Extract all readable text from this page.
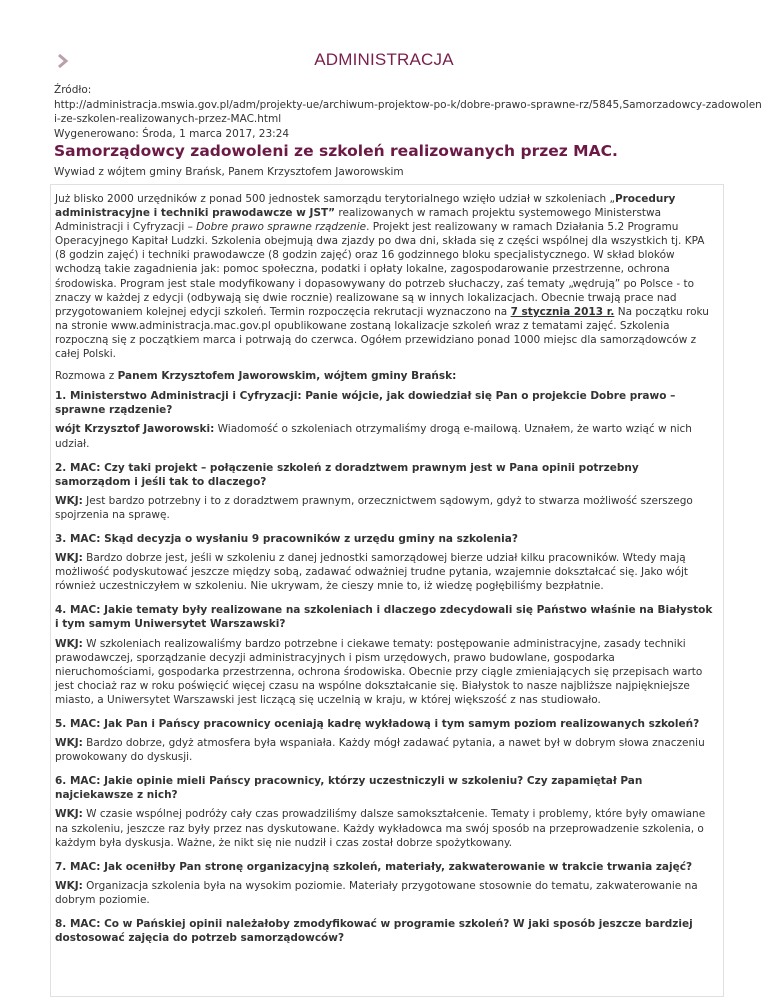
ADMINISTRACJA
Źródło:
http://administracja.mswia.gov.pl/adm/projekty-ue/archiwum-projektow-po-k/dobre-prawo-sprawne-rz/5845,Samorzadowcy-zadowolen
i-ze-szkolen-realizowanych-przez-MAC.html
Wygenerowano: Środa, 1 marca 2017, 23:24
Samorządowcy zadowoleni ze szkoleń realizowanych przez MAC.
Wywiad z wójtem gminy Brańsk, Panem Krzysztofem Jaworowskim

Już blisko 2000 urzędników z ponad 500 jednostek samorządu terytorialnego wzięło udział w szkoleniach „Procedury administracyjne i techniki prawodawcze w JST” realizowanych w ramach projektu systemowego Ministerstwa Administracji i Cyfryzacji – Dobre prawo sprawne rządzenie. Projekt jest realizowany w ramach Działania 5.2 Programu Operacyjnego Kapitał Ludzki. Szkolenia obejmują dwa zjazdy po dwa dni, składa się z części wspólnej dla wszystkich tj. KPA (8 godzin zajęć) i techniki prawodawcze (8 godzin zajęć) oraz 16 godzinnego bloku specjalistycznego. W skład bloków wchodzą takie zagadnienia jak: pomoc społeczna, podatki i opłaty lokalne, zagospodarowanie przestrzenne, ochrona środowiska. Program jest stale modyfikowany i dopasowywany do potrzeb słuchaczy, zaś tematy „wędrują” po Polsce - to znaczy w każdej z edycji (odbywają się dwie rocznie) realizowane są w innych lokalizacjach. Obecnie trwają prace nad przygotowaniem kolejnej edycji szkoleń. Termin rozpoczęcia rekrutacji wyznaczono na 7 stycznia 2013 r. Na początku roku na stronie www.administracja.mac.gov.pl opublikowane zostaną lokalizacje szkoleń wraz z tematami zajęć. Szkolenia rozpoczną się z początkiem marca i potrwają do czerwca. Ogółem przewidziano ponad 1000 miejsc dla samorządowców z całej Polski.

Rozmowa z Panem Krzysztofem Jaworowskim, wójtem gminy Brańsk:

1. Ministerstwo Administracji i Cyfryzacji: Panie wójcie, jak dowiedział się Pan o projekcie Dobre prawo – sprawne rządzenie?

wójt Krzysztof Jaworowski: Wiadomość o szkoleniach otrzymaliśmy drogą e-mailową. Uznałem, że warto wziąć w nich udział.

2. MAC: Czy taki projekt – połączenie szkoleń z doradztwem prawnym jest w Pana opinii potrzebny samorządom i jeśli tak to dlaczego?

WKJ: Jest bardzo potrzebny i to z doradztwem prawnym, orzecznictwem sądowym, gdyż to stwarza możliwość szerszego spojrzenia na sprawę.

3. MAC: Skąd decyzja o wysłaniu 9 pracowników z urzędu gminy na szkolenia?

WKJ: Bardzo dobrze jest, jeśli w szkoleniu z danej jednostki samorządowej bierze udział kilku pracowników. Wtedy mają możliwość podyskutować jeszcze między sobą, zadawać odważniej trudne pytania, wzajemnie dokształcać się. Jako wójt również uczestniczyłem w szkoleniu. Nie ukrywam, że cieszy mnie to, iż wiedzę pogłębiliśmy bezpłatnie.

4. MAC: Jakie tematy były realizowane na szkoleniach i dlaczego zdecydowali się Państwo właśnie na Białystok i tym samym Uniwersytet Warszawski?

WKJ: W szkoleniach realizowaliśmy bardzo potrzebne i ciekawe tematy: postępowanie administracyjne, zasady techniki prawodawczej, sporządzanie decyzji administracyjnych i pism urzędowych, prawo budowlane, gospodarka nieruchomościami, gospodarka przestrzenna, ochrona środowiska. Obecnie przy ciągle zmieniających się przepisach warto jest chociaż raz w roku poświęcić więcej czasu na wspólne dokształcanie się. Białystok to nasze najbliższe najpiękniejsze miasto, a Uniwersytet Warszawski jest liczącą się uczelnią w kraju, w której większość z nas studiowało.

5. MAC: Jak Pan i Pańscy pracownicy oceniają kadrę wykładową i tym samym poziom realizowanych szkoleń?

WKJ: Bardzo dobrze, gdyż atmosfera była wspaniała. Każdy mógł zadawać pytania, a nawet był w dobrym słowa znaczeniu prowokowany do dyskusji.

6. MAC: Jakie opinie mieli Pańscy pracownicy, którzy uczestniczyli w szkoleniu? Czy zapamiętał Pan najciekawsze z nich?

WKJ: W czasie wspólnej podróży cały czas prowadziliśmy dalsze samokształcenie. Tematy i problemy, które były omawiane na szkoleniu, jeszcze raz były przez nas dyskutowane. Każdy wykładowca ma swój sposób na przeprowadzenie szkolenia, o każdym była dyskusja. Ważne, że nikt się nie nudził i czas został dobrze spożytkowany.

7. MAC: Jak oceniłby Pan stronę organizacyjną szkoleń, materiały, zakwaterowanie w trakcie trwania zajęć?

WKJ: Organizacja szkolenia była na wysokim poziomie. Materiały przygotowane stosownie do tematu, zakwaterowanie na dobrym poziomie.

8. MAC: Co w Pańskiej opinii należałoby zmodyfikować w programie szkoleń? W jaki sposób jeszcze bardziej dostosować zajęcia do potrzeb samorządowców?
